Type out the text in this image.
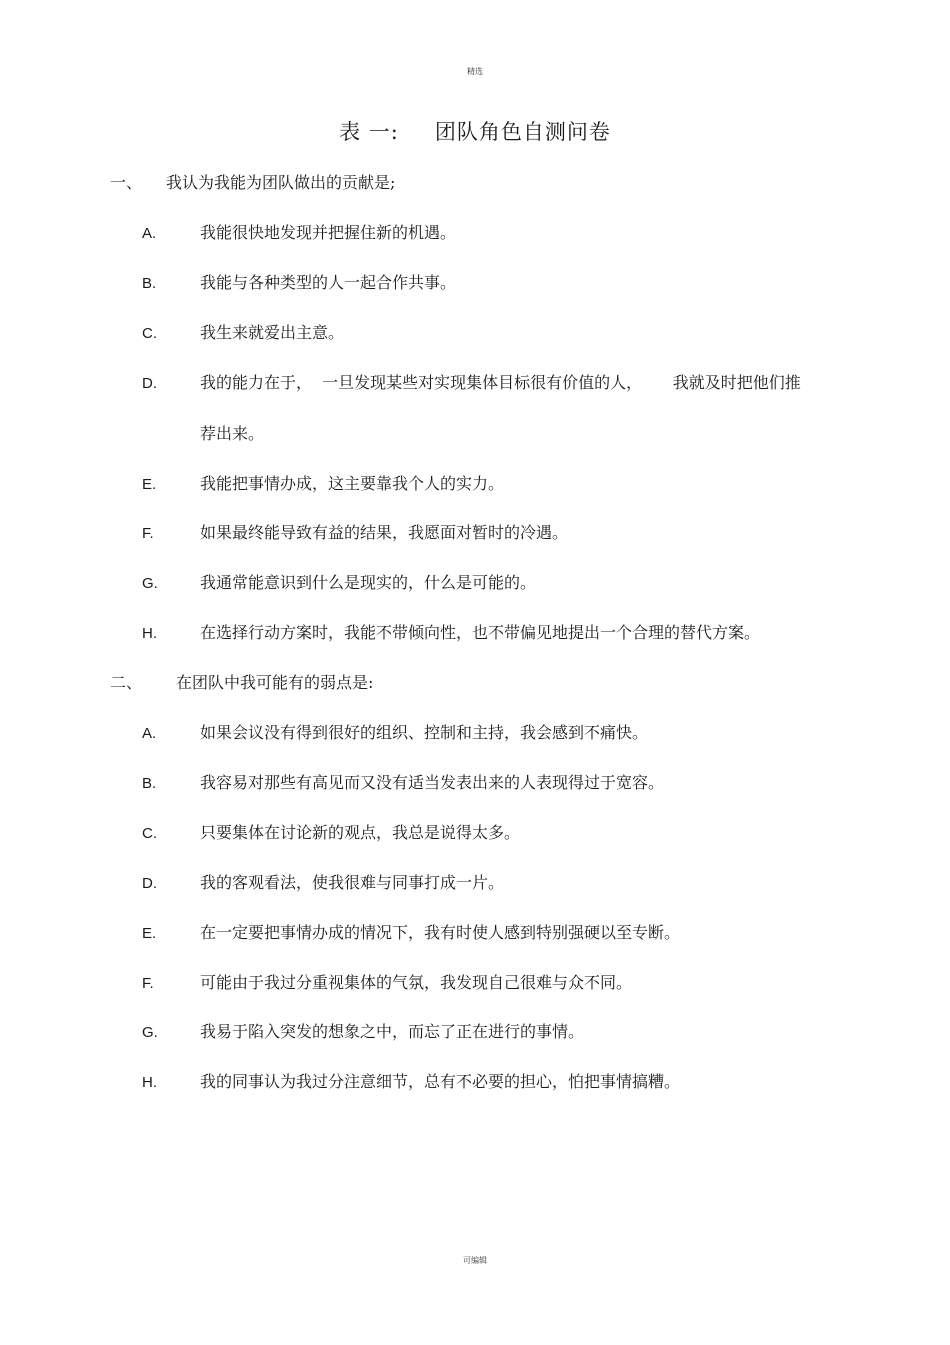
精选
表 一: 团队角色自测问卷
一、 我认为我能为团队做出的贡献是;
A.	我能很快地发现并把握住新的机遇。
B.	我能与各种类型的人一起合作共事。
C.	我生来就爱出主意。
D.	我的能力在于，  一旦发现某些对实现集体目标很有价值的人，      我就及时把他们推
荐出来。
E.	我能把事情办成，这主要靠我个人的实力。
F.	如果最终能导致有益的结果，我愿面对暂时的冷遇。
G.	我通常能意识到什么是现实的，什么是可能的。
H.	在选择行动方案时，我能不带倾向性，也不带偏见地提出一个合理的替代方案。
二、 在团队中我可能有的弱点是:
A.	如果会议没有得到很好的组织、控制和主持，我会感到不痛快。
B.	我容易对那些有高见而又没有适当发表出来的人表现得过于宽容。
C.	只要集体在讨论新的观点，我总是说得太多。
D.	我的客观看法，使我很难与同事打成一片。
E.	在一定要把事情办成的情况下，我有时使人感到特别强硬以至专断。
F.	可能由于我过分重视集体的气氛，我发现自己很难与众不同。
G.	我易于陷入突发的想象之中，而忘了正在进行的事情。
H.	我的同事认为我过分注意细节，总有不必要的担心，怕把事情搞糟。
可编辑
